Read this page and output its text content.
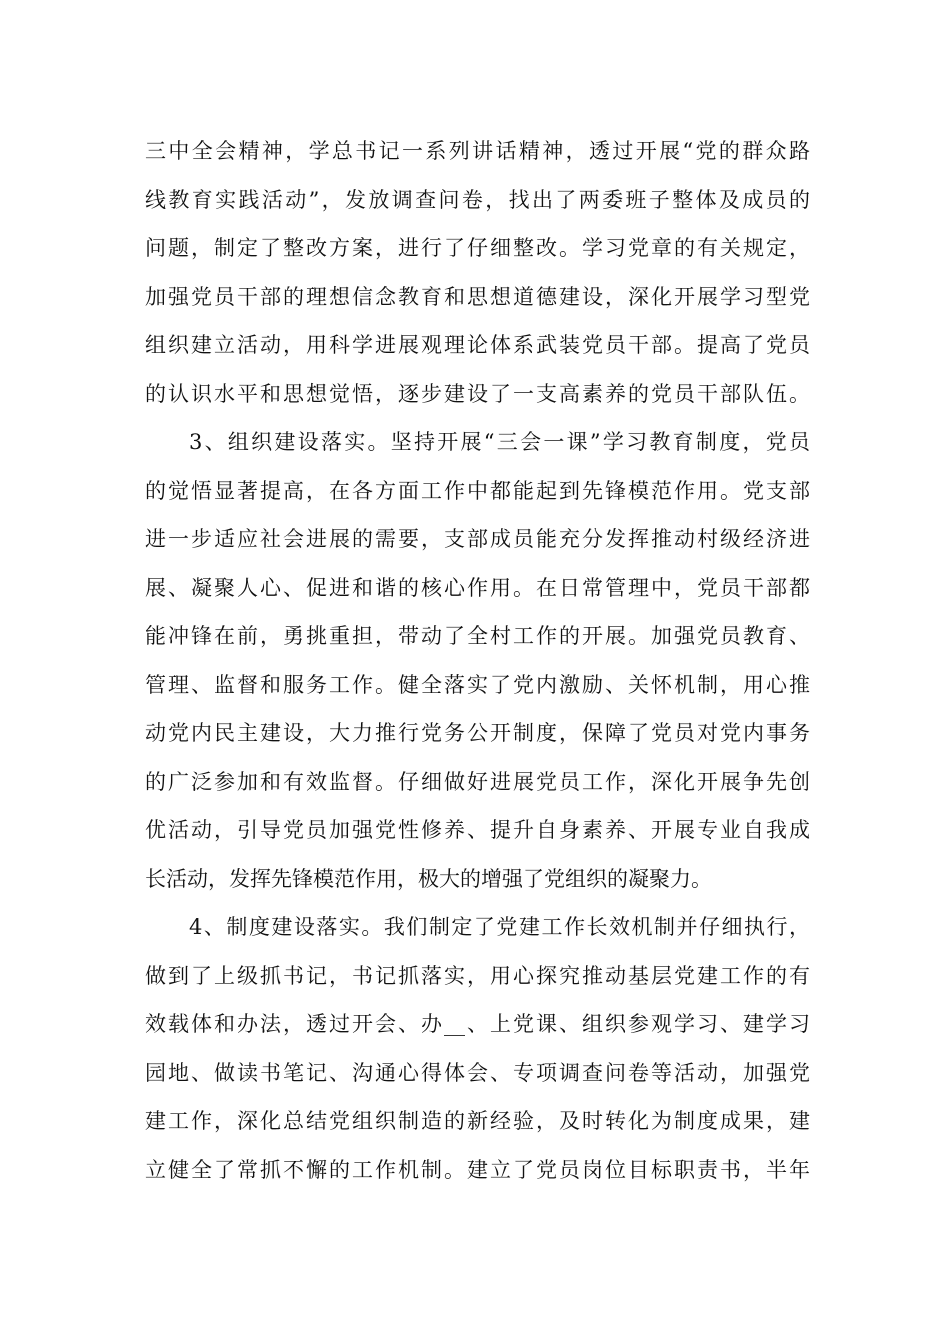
三中全会精神，学总书记一系列讲话精神，透过开展“党的群众路
线教育实践活动”，发放调查问卷，找出了两委班子整体及成员的
问题，制定了整改方案，进行了仔细整改。学习党章的有关规定，
加强党员干部的理想信念教育和思想道德建设，深化开展学习型党
组织建立活动，用科学进展观理论体系武装党员干部。提高了党员
的认识水平和思想觉悟，逐步建设了一支高素养的党员干部队伍。
3、组织建设落实。坚持开展“三会一课”学习教育制度，党员
的觉悟显著提高，在各方面工作中都能起到先锋模范作用。党支部
进一步适应社会进展的需要，支部成员能充分发挥推动村级经济进
展、凝聚人心、促进和谐的核心作用。在日常管理中，党员干部都
能冲锋在前，勇挑重担，带动了全村工作的开展。加强党员教育、
管理、监督和服务工作。健全落实了党内激励、关怀机制，用心推
动党内民主建设，大力推行党务公开制度，保障了党员对党内事务
的广泛参加和有效监督。仔细做好进展党员工作，深化开展争先创
优活动，引导党员加强党性修养、提升自身素养、开展专业自我成
长活动，发挥先锋模范作用，极大的增强了党组织的凝聚力。
4、制度建设落实。我们制定了党建工作长效机制并仔细执行，
做到了上级抓书记，书记抓落实，用心探究推动基层党建工作的有
效载体和办法，透过开会、办__、上党课、组织参观学习、建学习
园地、做读书笔记、沟通心得体会、专项调查问卷等活动，加强党
建工作，深化总结党组织制造的新经验，及时转化为制度成果，建
立健全了常抓不懈的工作机制。建立了党员岗位目标职责书，半年
